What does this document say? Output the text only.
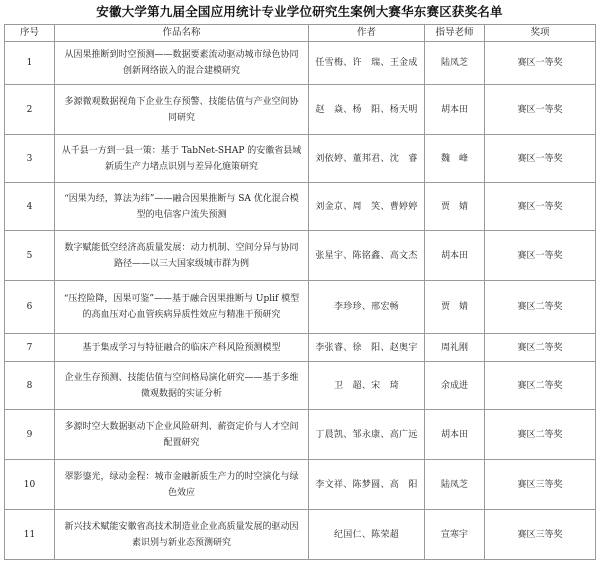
安徽大学第九届全国应用统计专业学位研究生案例大赛华东赛区获奖名单
序号	作品名称	作者	指导老师	奖项
1	从因果推断到时空预测——数据要素流动驱动城市绿色协同创新网络嵌入的混合建模研究	任雪梅、许　瑞、王金成	陆凤芝	赛区一等奖
2	多源微观数据视角下企业生存预警、技能估值与产业空间协同研究	赵　焱、杨　阳、杨天明	胡本田	赛区一等奖
3	从千县一方到一县一策：基于 TabNet-SHAP 的安徽省县域新质生产力堵点识别与差异化施策研究	刘依婷、董邦君、沈　睿	魏　峰	赛区一等奖
4	“因果为经，算法为纬”——融合因果推断与 SA 优化混合模型的电信客户流失预测	刘金京、周　笑、曹婷婷	贾　婧	赛区一等奖
5	数字赋能低空经济高质量发展：动力机制、空间分异与协同路径——以三大国家级城市群为例	张星宇、陈铭鑫、高文杰	胡本田	赛区一等奖
6	“压控险降，因果可鉴”——基于融合因果推断与 Uplif 模型的高血压对心血管疾病异质性效应与精准干预研究	李珍珍、邢宏畅	贾　婧	赛区二等奖
7	基于集成学习与特征融合的临床产科风险预测模型	李张睿、徐　阳、赵奥宇	周礼刚	赛区二等奖
8	企业生存预测、技能估值与空间格局演化研究——基于多维微观数据的实证分析	卫　超、宋　琦	余成进	赛区二等奖
9	多源时空大数据驱动下企业风险研判、薪资定价与人才空间配置研究	丁晨凯、邹永康、高广远	胡本田	赛区二等奖
10	翠影鎏光，绿动金程：城市金融新质生产力的时空演化与绿色效应	李文祥、陈梦圆、高　阳	陆凤芝	赛区三等奖
11	新兴技术赋能安徽省高技术制造业企业高质量发展的驱动因素识别与新业态预测研究	纪国仁、陈荣超	宣寒宇	赛区三等奖
